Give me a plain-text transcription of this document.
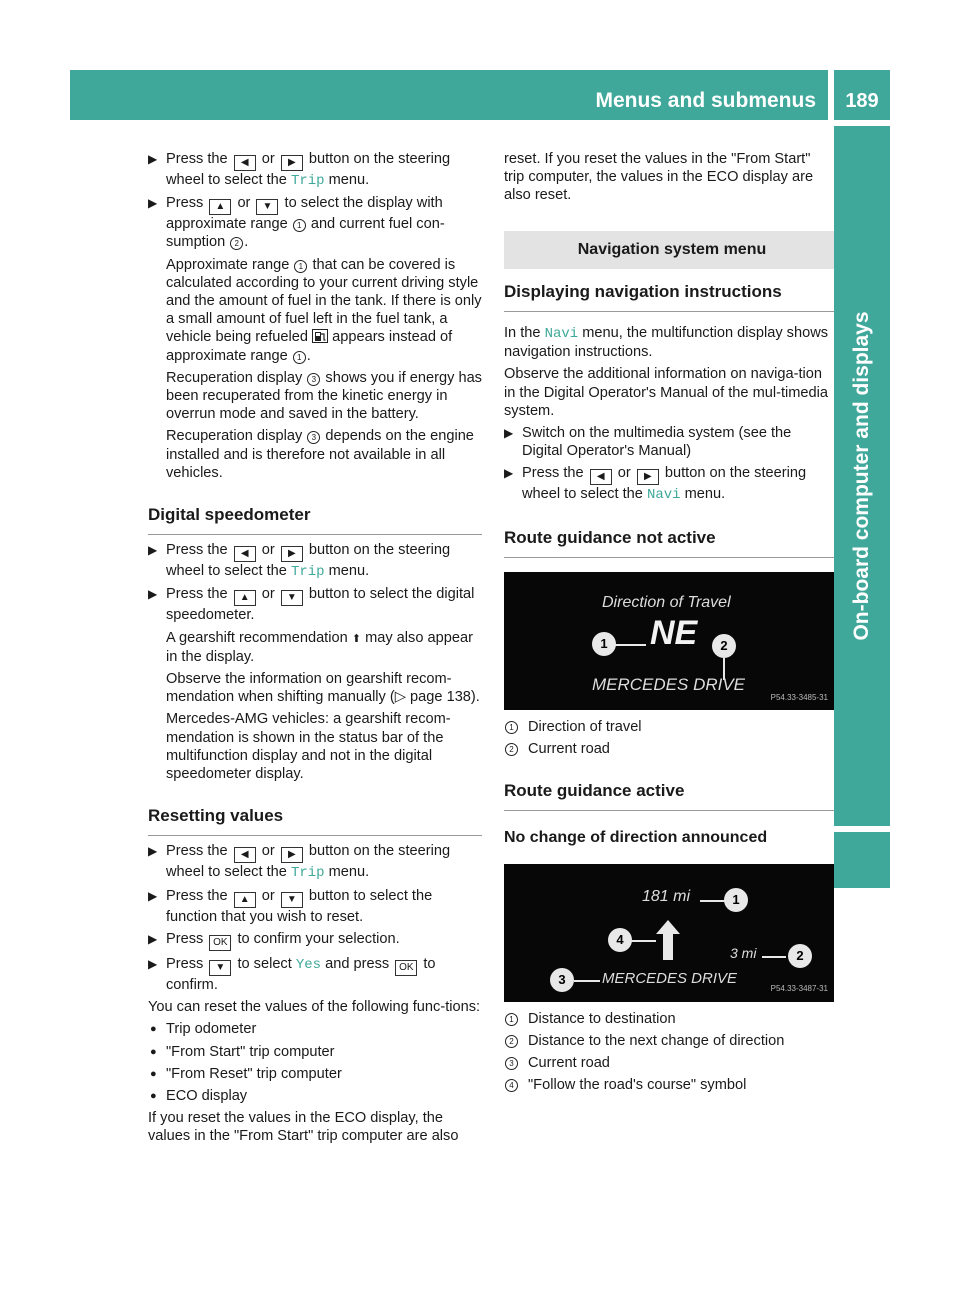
Menus and submenus	189
On-board computer and displays
▶ Press the ◀ or ▶ button on the steering wheel to select the Trip menu.
▶ Press ▲ or ▼ to select the display with approximate range 1 and current fuel con-sumption 2 .
Approximate range 1 that can be covered is calculated according to your current driving style and the amount of fuel in the tank. If there is only a small amount of fuel left in the fuel tank, a vehicle being refueled appears instead of approximate range 1 .
Recuperation display 3 shows you if energy has been recuperated from the kinetic energy in overrun mode and saved in the battery.
Recuperation display 3 depends on the engine installed and is therefore not available in all vehicles.
Digital speedometer
▶ Press the ◀ or ▶ button on the steering wheel to select the Trip menu.
▶ Press the ▲ or ▼ button to select the digital speedometer.
A gearshift recommendation ⬆ may also appear in the display.
Observe the information on gearshift recom-mendation when shifting manually (▷ page 138).
Mercedes-AMG vehicles: a gearshift recom-mendation is shown in the status bar of the multifunction display and not in the digital speedometer display.
Resetting values
▶ Press the ◀ or ▶ button on the steering wheel to select the Trip menu.
▶ Press the ▲ or ▼ button to select the function that you wish to reset.
▶ Press OK to confirm your selection.
▶ Press ▼ to select Yes and press OK to confirm.
You can reset the values of the following func-tions:
● Trip odometer
● "From Start" trip computer
● "From Reset" trip computer
● ECO display
If you reset the values in the ECO display, the values in the "From Start" trip computer are also
reset. If you reset the values in the "From Start" trip computer, the values in the ECO display are also reset.
Navigation system menu
Displaying navigation instructions
In the Navi menu, the multifunction display shows navigation instructions.
Observe the additional information on naviga-tion in the Digital Operator's Manual of the mul-timedia system.
▶ Switch on the multimedia system (see the Digital Operator's Manual)
▶ Press the ◀ or ▶ button on the steering wheel to select the Navi menu.
Route guidance not active
Direction of Travel
1 NE	2
MERCEDES DRIVE
P54.33-3485-31
1 Direction of travel
2 Current road
Route guidance active
No change of direction announced
181 mi	1
4
3 mi	2
3	MERCEDES DRIVE
P54.33-3487-31
1 Distance to destination
2 Distance to the next change of direction
3 Current road
4 "Follow the road's course" symbol
